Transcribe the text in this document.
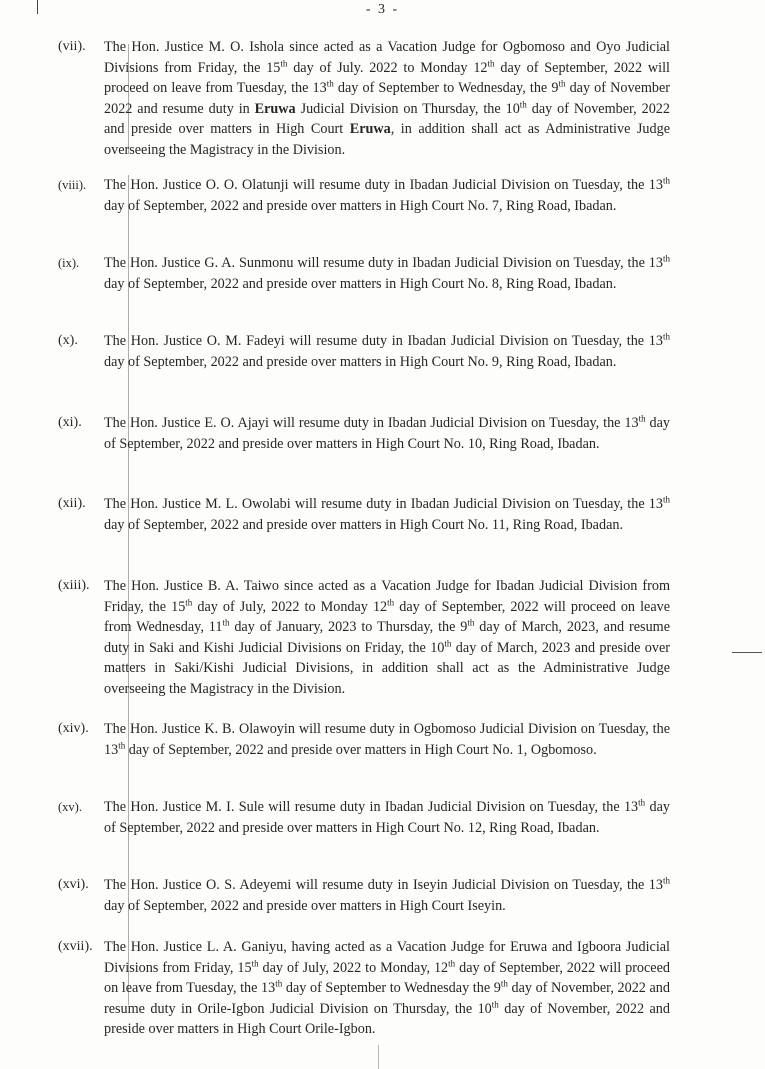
- 3 -
(vii). The Hon. Justice M. O. Ishola since acted as a Vacation Judge for Ogbomoso and Oyo Judicial Divisions from Friday, the 15th day of July. 2022 to Monday 12th day of September, 2022 will proceed on leave from Tuesday, the 13th day of September to Wednesday, the 9th day of November 2022 and resume duty in Eruwa Judicial Division on Thursday, the 10th day of November, 2022 and preside over matters in High Court Eruwa, in addition shall act as Administrative Judge overseeing the Magistracy in the Division.
(viii). The Hon. Justice O. O. Olatunji will resume duty in Ibadan Judicial Division on Tuesday, the 13th day of September, 2022 and preside over matters in High Court No. 7, Ring Road, Ibadan.
(ix). The Hon. Justice G. A. Sunmonu will resume duty in Ibadan Judicial Division on Tuesday, the 13th day of September, 2022 and preside over matters in High Court No. 8, Ring Road, Ibadan.
(x). The Hon. Justice O. M. Fadeyi will resume duty in Ibadan Judicial Division on Tuesday, the 13th day of September, 2022 and preside over matters in High Court No. 9, Ring Road, Ibadan.
(xi). The Hon. Justice E. O. Ajayi will resume duty in Ibadan Judicial Division on Tuesday, the 13th day of September, 2022 and preside over matters in High Court No. 10, Ring Road, Ibadan.
(xii). The Hon. Justice M. L. Owolabi will resume duty in Ibadan Judicial Division on Tuesday, the 13th day of September, 2022 and preside over matters in High Court No. 11, Ring Road, Ibadan.
(xiii). The Hon. Justice B. A. Taiwo since acted as a Vacation Judge for Ibadan Judicial Division from Friday, the 15th day of July, 2022 to Monday 12th day of September, 2022 will proceed on leave from Wednesday, 11th day of January, 2023 to Thursday, the 9th day of March, 2023, and resume duty in Saki and Kishi Judicial Divisions on Friday, the 10th day of March, 2023 and preside over matters in Saki/Kishi Judicial Divisions, in addition shall act as the Administrative Judge overseeing the Magistracy in the Division.
(xiv). The Hon. Justice K. B. Olawoyin will resume duty in Ogbomoso Judicial Division on Tuesday, the 13th day of September, 2022 and preside over matters in High Court No. 1, Ogbomoso.
(xv). The Hon. Justice M. I. Sule will resume duty in Ibadan Judicial Division on Tuesday, the 13th day of September, 2022 and preside over matters in High Court No. 12, Ring Road, Ibadan.
(xvi). The Hon. Justice O. S. Adeyemi will resume duty in Iseyin Judicial Division on Tuesday, the 13th day of September, 2022 and preside over matters in High Court Iseyin.
(xvii). The Hon. Justice L. A. Ganiyu, having acted as a Vacation Judge for Eruwa and Igboora Judicial Divisions from Friday, 15th day of July, 2022 to Monday, 12th day of September, 2022 will proceed on leave from Tuesday, the 13th day of September to Wednesday the 9th day of November, 2022 and resume duty in Orile-Igbon Judicial Division on Thursday, the 10th day of November, 2022 and preside over matters in High Court Orile-Igbon.
